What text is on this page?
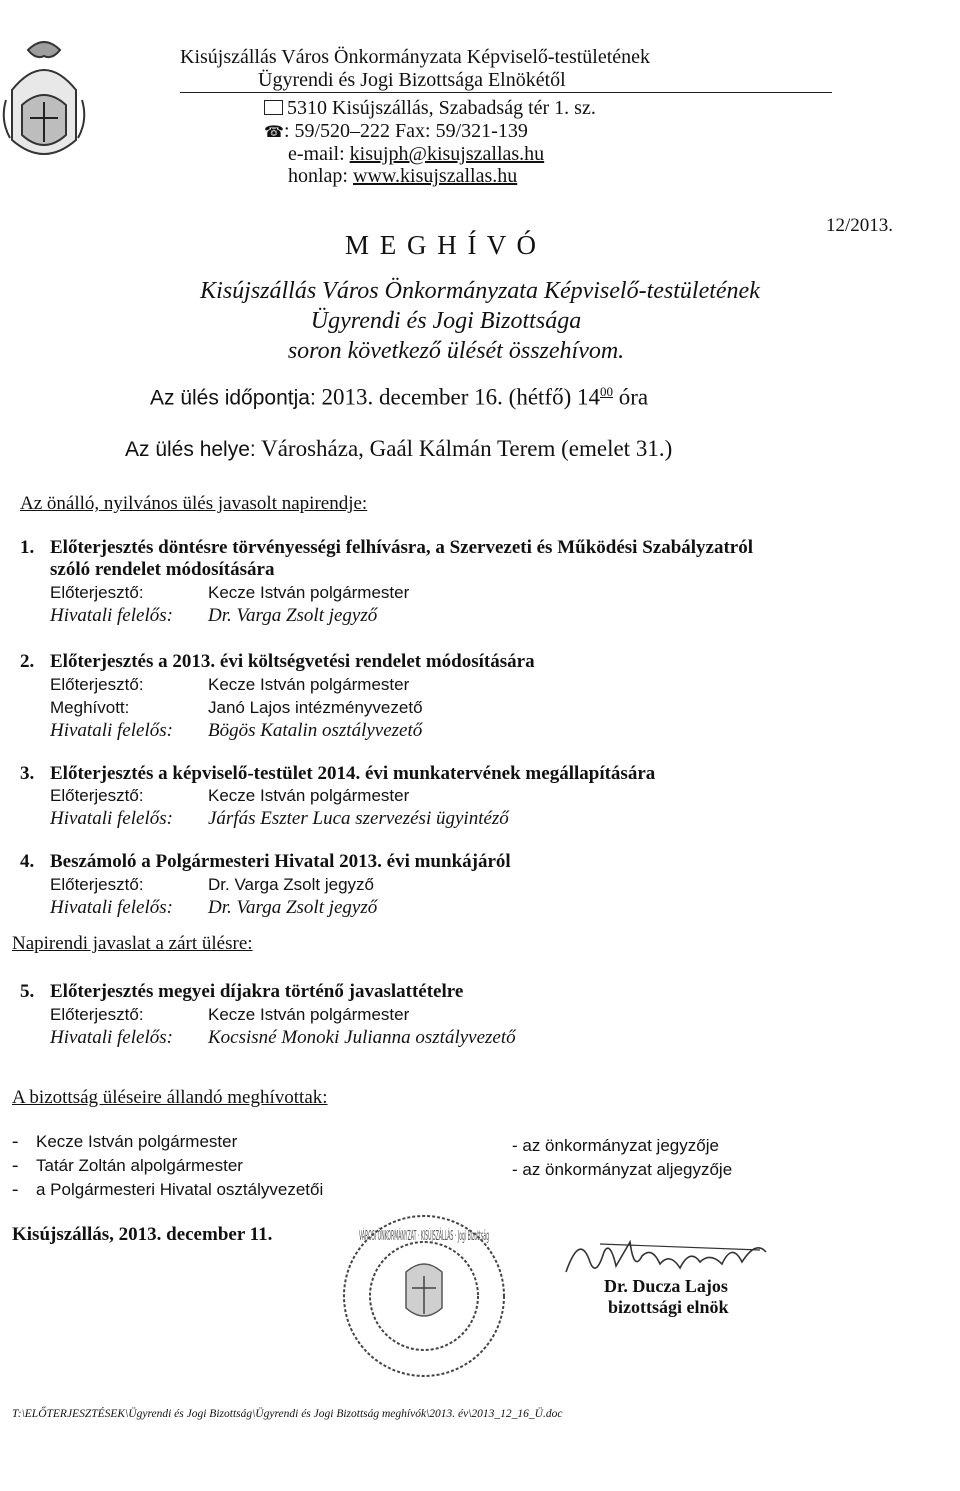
Kisújszállás Város Önkormányzata Képviselő-testületének
Ügyrendi és Jogi Bizottsága Elnökétől
5310 Kisújszállás, Szabadság tér 1. sz.
☎: 59/520–222 Fax: 59/321-139
e-mail: kisujph@kisujszallas.hu
honlap: www.kisujszallas.hu
12/2013.
M E G H Í V Ó
Kisújszállás Város Önkormányzata Képviselő-testületének
Ügyrendi és Jogi Bizottsága
soron következő ülését összehívom.
Az ülés időpontja: 2013. december 16. (hétfő) $14^{00}$ óra
Az ülés helye: Városháza, Gaál Kálmán Terem (emelet 31.)
Az önálló, nyilvános ülés javasolt napirendje:
1. Előterjesztés döntésre törvényességi felhívásra, a Szervezeti és Működési Szabályzatról
szóló rendelet módosítására
Előterjesztő:	Kecze István polgármester
Hivatali felelős: Dr. Varga Zsolt jegyző
2. Előterjesztés a 2013. évi költségvetési rendelet módosítására
Előterjesztő:	Kecze István polgármester
Meghívott:	Janó Lajos intézményvezető
Hivatali felelős: Bögös Katalin osztályvezető
3. Előterjesztés a képviselő-testület 2014. évi munkatervének megállapítására
Előterjesztő:	Kecze István polgármester
Hivatali felelős: Járfás Eszter Luca szervezési ügyintéző
4. Beszámoló a Polgármesteri Hivatal 2013. évi munkájáról
Előterjesztő:	Dr. Varga Zsolt jegyző
Hivatali felelős: Dr. Varga Zsolt jegyző
Napirendi javaslat a zárt ülésre:
5. Előterjesztés megyei díjakra történő javaslattételre
Előterjesztő:	Kecze István polgármester
Hivatali felelős: Kocsisné Monoki Julianna osztályvezető
A bizottság üléseire állandó meghívottak:
- Kecze István polgármester
- Tatár Zoltán alpolgármester
- a Polgármesteri Hivatal osztályvezetői
- az önkormányzat jegyzője
- az önkormányzat aljegyzője
Kisújszállás, 2013. december 11.	VÁROSI ÖNKORMÁNYZAT · KISÚJSZÁLLÁS · Jogi Bizottság
Dr. Ducza Lajos
bizottsági elnök
T:\ELŐTERJESZTÉSEK\Ügyrendi és Jogi Bizottság\Ügyrendi és Jogi Bizottság meghívók\2013. év\2013_12_16_Ü.doc
